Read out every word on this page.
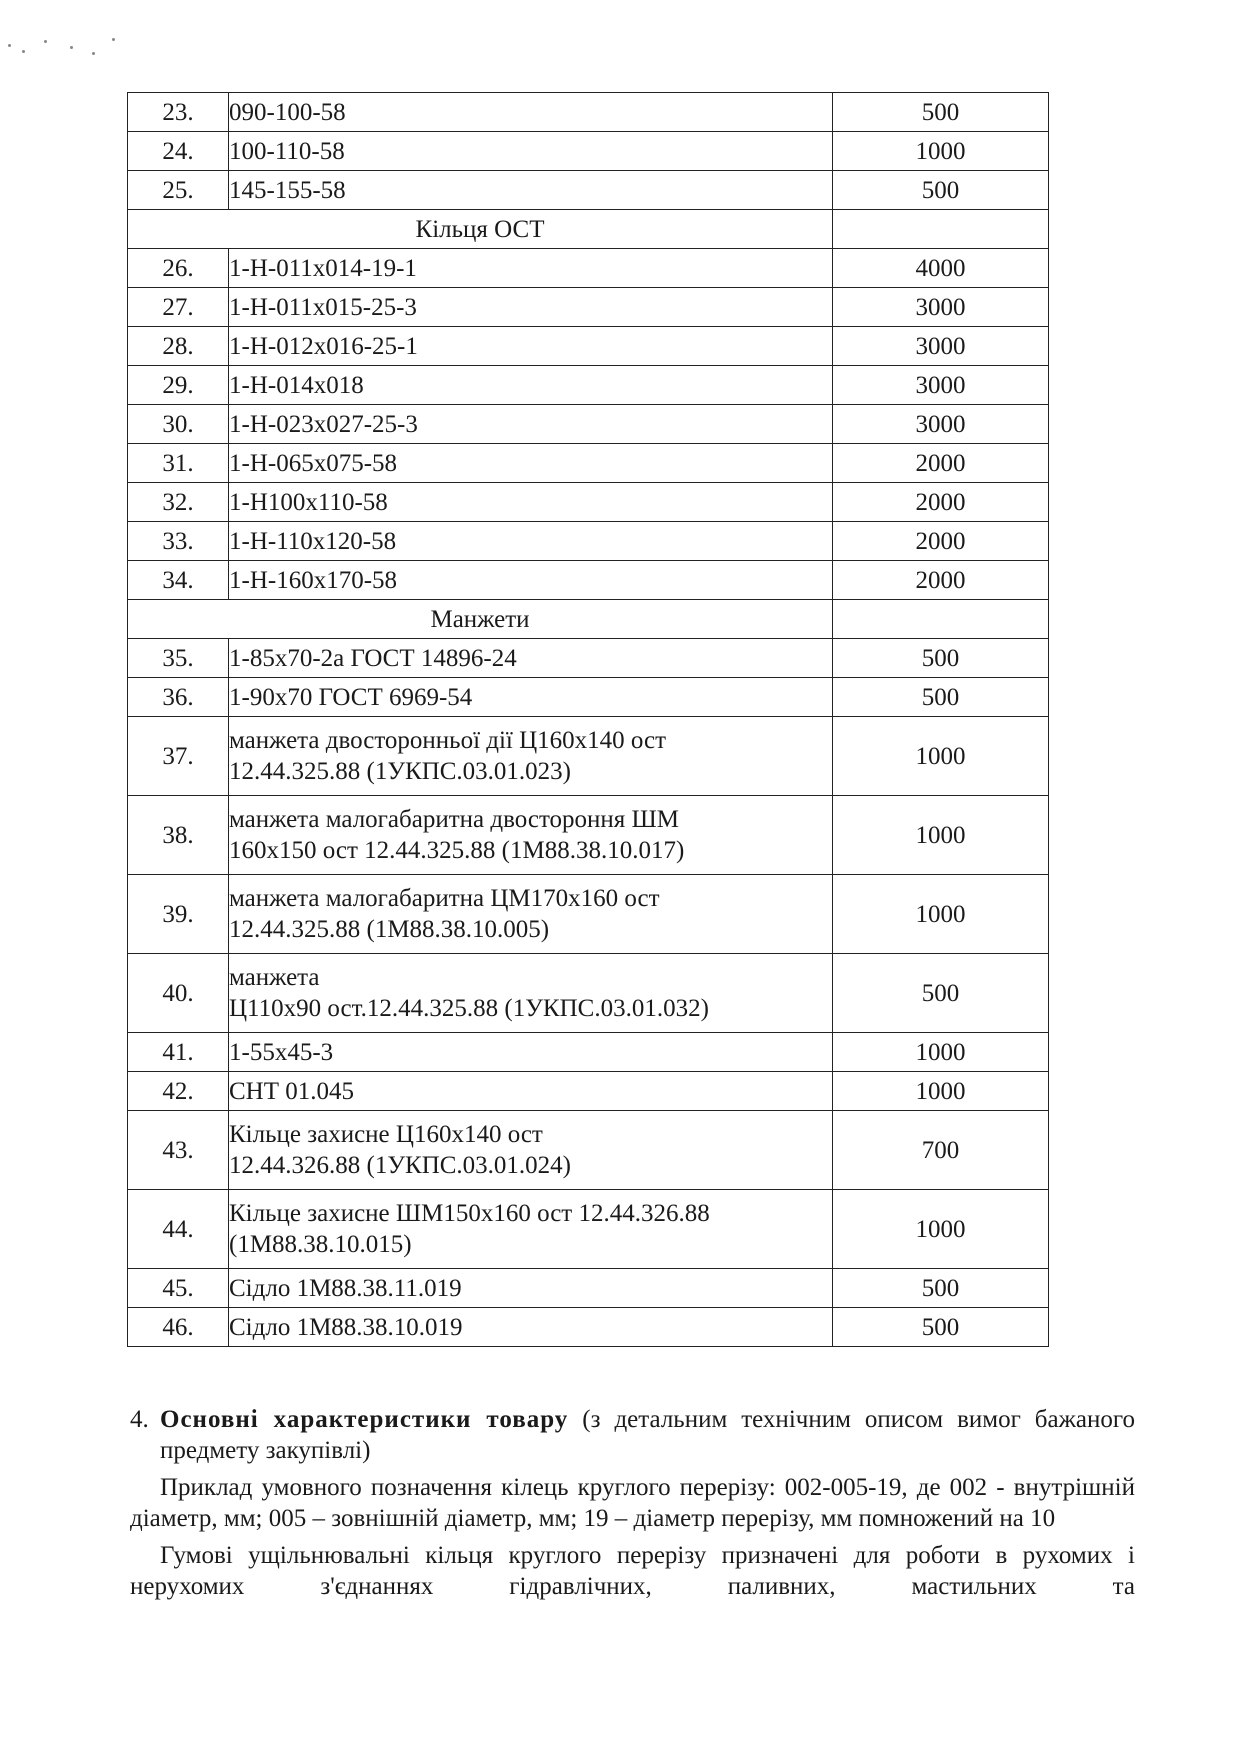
23.	090-100-58	500
24.	100-110-58	1000
25.	145-155-58	500
Кільця ОСТ		
26.	1-Н-011х014-19-1	4000
27.	1-Н-011х015-25-3	3000
28.	1-Н-012х016-25-1	3000
29.	1-Н-014х018	3000
30.	1-Н-023х027-25-3	3000
31.	1-Н-065х075-58	2000
32.	1-Н100х110-58	2000
33.	1-Н-110х120-58	2000
34.	1-Н-160х170-58	2000
Манжети		
35.	1-85х70-2а ГОСТ 14896-24	500
36.	1-90х70 ГОСТ 6969-54	500
37.	манжета двосторонньої дії Ц160х140 ост
12.44.325.88 (1УКПС.03.01.023)	1000
38.	манжета малогабаритна двостороння ШМ
160х150 ост 12.44.325.88 (1М88.38.10.017)	1000
39.	манжета малогабаритна ЦМ170х160 ост
12.44.325.88 (1М88.38.10.005)	1000
40.	манжета
Ц110х90 ост.12.44.325.88 (1УКПС.03.01.032)	500
41.	1-55х45-3	1000
42.	СНТ 01.045	1000
43.	Кільце захисне Ц160х140 ост
12.44.326.88 (1УКПС.03.01.024)	700
44.	Кільце захисне ШМ150х160 ост 12.44.326.88
(1М88.38.10.015)	1000
45.	Сідло 1М88.38.11.019	500
46.	Сідло 1М88.38.10.019	500

4. Основні характеристики товару (з детальним технічним описом вимог бажаного предмету закупівлі)

Приклад умовного позначення кілець круглого перерізу: 002-005-19, де 002 - внутрішній діаметр, мм; 005 – зовнішній діаметр, мм; 19 – діаметр перерізу, мм помножений на 10

Гумові ущільнювальні кільця круглого перерізу призначені для роботи в рухомих і нерухомих з'єднаннях гідравлічних, паливних, мастильних та
